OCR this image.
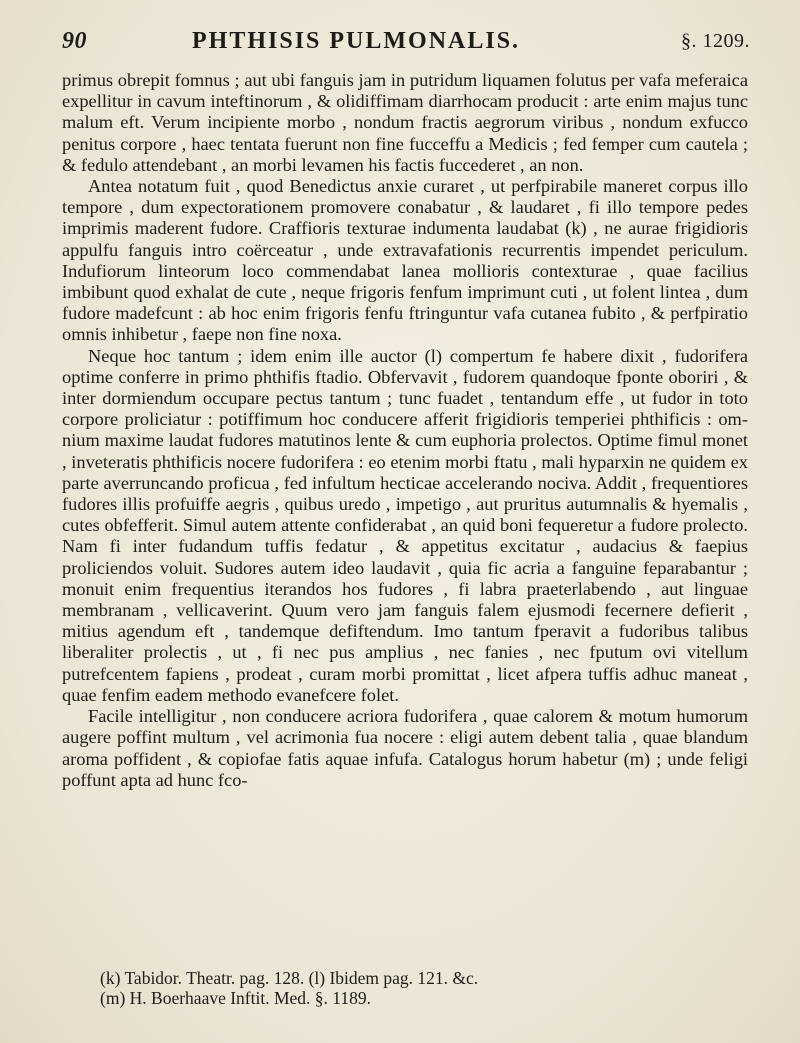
90	PHTHISIS PULMONALIS.	§. 1209.

primus obrepit fomnus ; aut ubi fanguis jam in putridum liquamen folutus per vafa meferaica expellitur in cavum inteftinorum , & olidiffimam diarrhocam producit : arte enim majus tunc malum eft. Verum incipiente morbo , nondum fractis aegrorum viribus , nondum exfucco penitus corpore , haec tentata fuerunt non fine fucceffu a Medicis ; fed femper cum cautela ; & fedulo attendebant , an morbi levamen his factis fuccederet , an non.

Antea notatum fuit , quod Benedictus anxie curaret , ut perfpirabile maneret corpus illo tempore , dum expectorationem promovere conabatur , & laudaret , fi illo tempore pedes imprimis maderent fudore. Craffioris texturae indumenta laudabat (k) , ne aurae frigidioris appulfu fanguis intro coërceatur , unde extravafationis recurrentis impendet periculum. Indufiorum linteorum loco commendabat lanea mollioris contexturae , quae facilius imbibunt quod exhalat de cute , neque frigoris fenfum imprimunt cuti , ut folent lintea , dum fudore madefcunt : ab hoc enim frigoris fenfu ftringuntur vafa cutanea fubito , & perfpiratio omnis inhibetur , faepe non fine noxa.

Neque hoc tantum ; idem enim ille auctor (l) compertum fe habere dixit , fudorifera optime conferre in primo phthifis ftadio. Obfervavit , fudorem quandoque fponte oboriri , & inter dormiendum occupare pectus tantum ; tunc fuadet , tentandum effe , ut fudor in toto corpore proliciatur : potiffimum hoc conducere afferit frigidioris temperiei phthificis : omnium maxime laudat fudores matutinos lente & cum euphoria prolectos. Optime fimul monet , inveteratis phthificis nocere fudorifera : eo etenim morbi ftatu , mali hyparxin ne quidem ex parte averruncando proficua , fed infultum hecticae accelerando nociva. Addit , frequentiores fudores illis profuiffe aegris , quibus uredo , impetigo , aut pruritus autumnalis & hyemalis , cutes obfefferit. Simul autem attente confiderabat , an quid boni fequeretur a fudore prolecto. Nam fi inter fudandum tuffis fedatur , & appetitus excitatur , audacius & faepius proliciendos voluit. Sudores autem ideo laudavit , quia fic acria a fanguine feparabantur ; monuit enim frequentius iterandos hos fudores , fi labra praeterlabendo , aut linguae membranam , vellicaverint. Quum vero jam fanguis falem ejusmodi fecernere defierit , mitius agendum eft , tandemque defiftendum. Imo tantum fperavit a fudoribus talibus liberaliter prolectis , ut , fi nec pus amplius , nec fanies , nec fputum ovi vitellum putrefcentem fapiens , prodeat , curam morbi promittat , licet afpera tuffis adhuc maneat , quae fenfim eadem methodo evanefcere folet.

Facile intelligitur , non conducere acriora fudorifera , quae calorem & motum humorum augere poffint multum , vel acrimonia fua nocere : eligi autem debent talia , quae blandum aroma poffident , & copiofae fatis aquae infufa. Catalogus horum habetur (m) ; unde feligi poffunt apta ad hunc fco-

(k) Tabidor. Theatr. pag. 128. (l) Ibidem pag. 121. &c.
(m) H. Boerhaave Inftit. Med. §. 1189.
